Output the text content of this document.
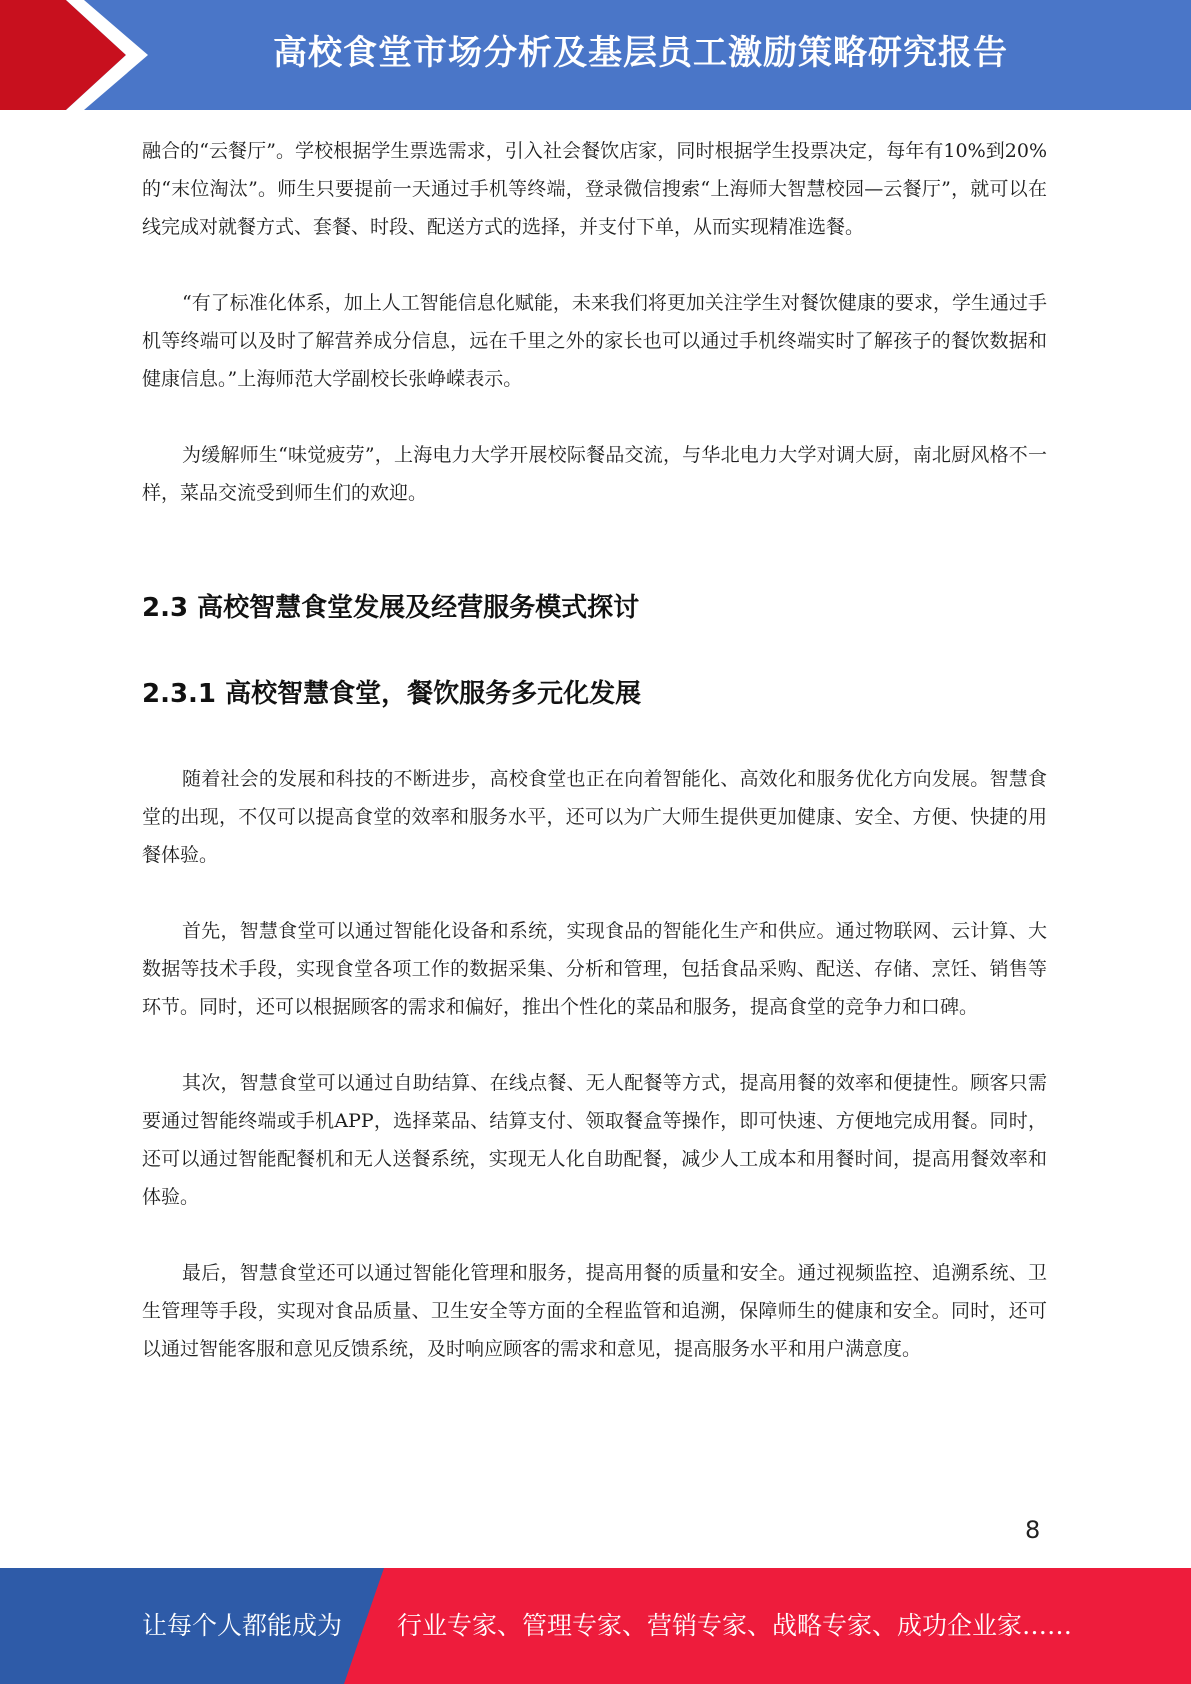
高校食堂市场分析及基层员工激励策略研究报告

融合的“云餐厅”。学校根据学生票选需求，引入社会餐饮店家，同时根据学生投票决定，每年有10%到20%的“末位淘汰”。师生只要提前一天通过手机等终端，登录微信搜索“上海师大智慧校园—云餐厅”，就可以在线完成对就餐方式、套餐、时段、配送方式的选择，并支付下单，从而实现精准选餐。

“有了标准化体系，加上人工智能信息化赋能，未来我们将更加关注学生对餐饮健康的要求，学生通过手机等终端可以及时了解营养成分信息，远在千里之外的家长也可以通过手机终端实时了解孩子的餐饮数据和健康信息。”上海师范大学副校长张峥嵘表示。

为缓解师生“味觉疲劳”，上海电力大学开展校际餐品交流，与华北电力大学对调大厨，南北厨风格不一样，菜品交流受到师生们的欢迎。

2.3 高校智慧食堂发展及经营服务模式探讨
2.3.1 高校智慧食堂，餐饮服务多元化发展

随着社会的发展和科技的不断进步，高校食堂也正在向着智能化、高效化和服务优化方向发展。智慧食堂的出现，不仅可以提高食堂的效率和服务水平，还可以为广大师生提供更加健康、安全、方便、快捷的用餐体验。

首先，智慧食堂可以通过智能化设备和系统，实现食品的智能化生产和供应。通过物联网、云计算、大数据等技术手段，实现食堂各项工作的数据采集、分析和管理，包括食品采购、配送、存储、烹饪、销售等环节。同时，还可以根据顾客的需求和偏好，推出个性化的菜品和服务，提高食堂的竞争力和口碑。

其次，智慧食堂可以通过自助结算、在线点餐、无人配餐等方式，提高用餐的效率和便捷性。顾客只需要通过智能终端或手机APP，选择菜品、结算支付、领取餐盒等操作，即可快速、方便地完成用餐。同时，还可以通过智能配餐机和无人送餐系统，实现无人化自助配餐，减少人工成本和用餐时间，提高用餐效率和体验。

最后，智慧食堂还可以通过智能化管理和服务，提高用餐的质量和安全。通过视频监控、追溯系统、卫生管理等手段，实现对食品质量、卫生安全等方面的全程监管和追溯，保障师生的健康和安全。同时，还可以通过智能客服和意见反馈系统，及时响应顾客的需求和意见，提高服务水平和用户满意度。

8
让每个人都能成为 行业专家、管理专家、营销专家、战略专家、成功企业家……
